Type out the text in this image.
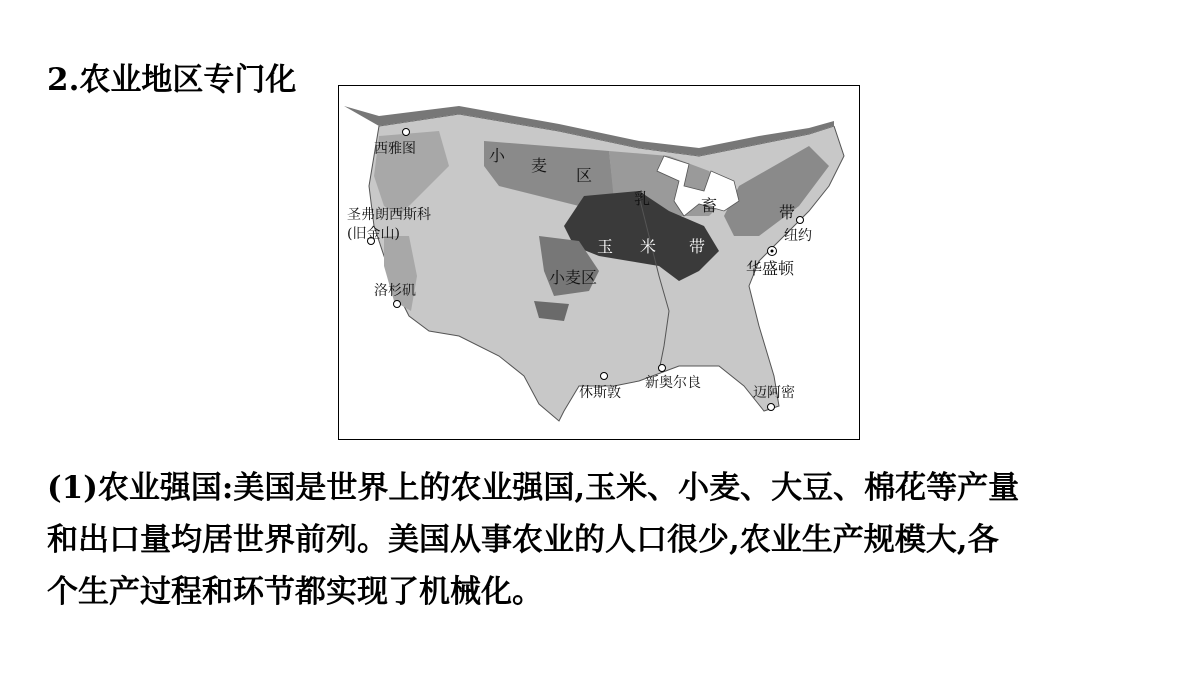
2.农业地区专门化
西雅图
圣弗朗西斯科
(旧金山)
洛杉矶
休斯敦
新奥尔良
迈阿密
华盛顿
纽约
小
麦
区
小麦区
玉 米 带
乳	畜	带
(1)农业强国:美国是世界上的农业强国,玉米、小麦、大豆、棉花等产量
和出口量均居世界前列。美国从事农业的人口很少,农业生产规模大,各
个生产过程和环节都实现了机械化。
